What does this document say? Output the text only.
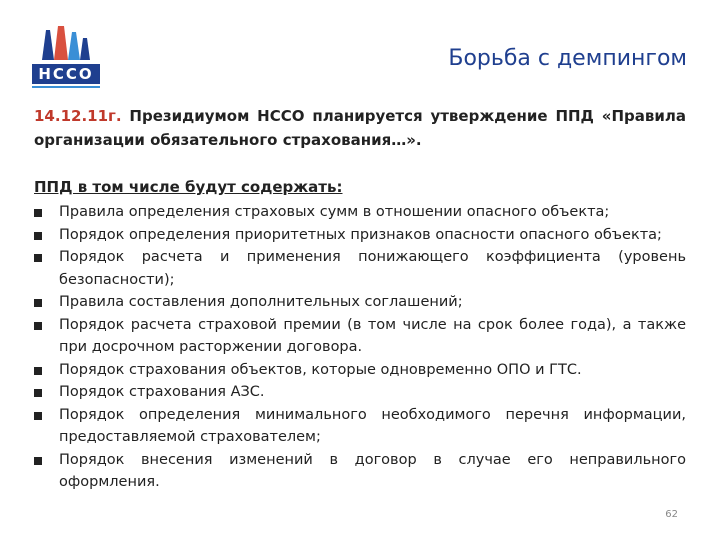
НССО
Борьба с демпингом
14.12.11г. Президиумом НССО планируется утверждение ППД «Правила организации обязательного страхования…».
ППД в том числе будут содержать:
Правила определения страховых сумм в отношении опасного объекта;
Порядок определения приоритетных признаков опасности опасного объекта;
Порядок расчета и применения понижающего коэффициента (уровень безопасности);
Правила составления дополнительных соглашений;
Порядок расчета страховой премии (в том числе на срок более года), а также при досрочном расторжении договора.
Порядок страхования объектов, которые одновременно ОПО и ГТС.
Порядок страхования АЗС.
Порядок определения минимального необходимого перечня информации, предоставляемой страхователем;
Порядок внесения изменений в договор в случае его неправильного оформления.
62
